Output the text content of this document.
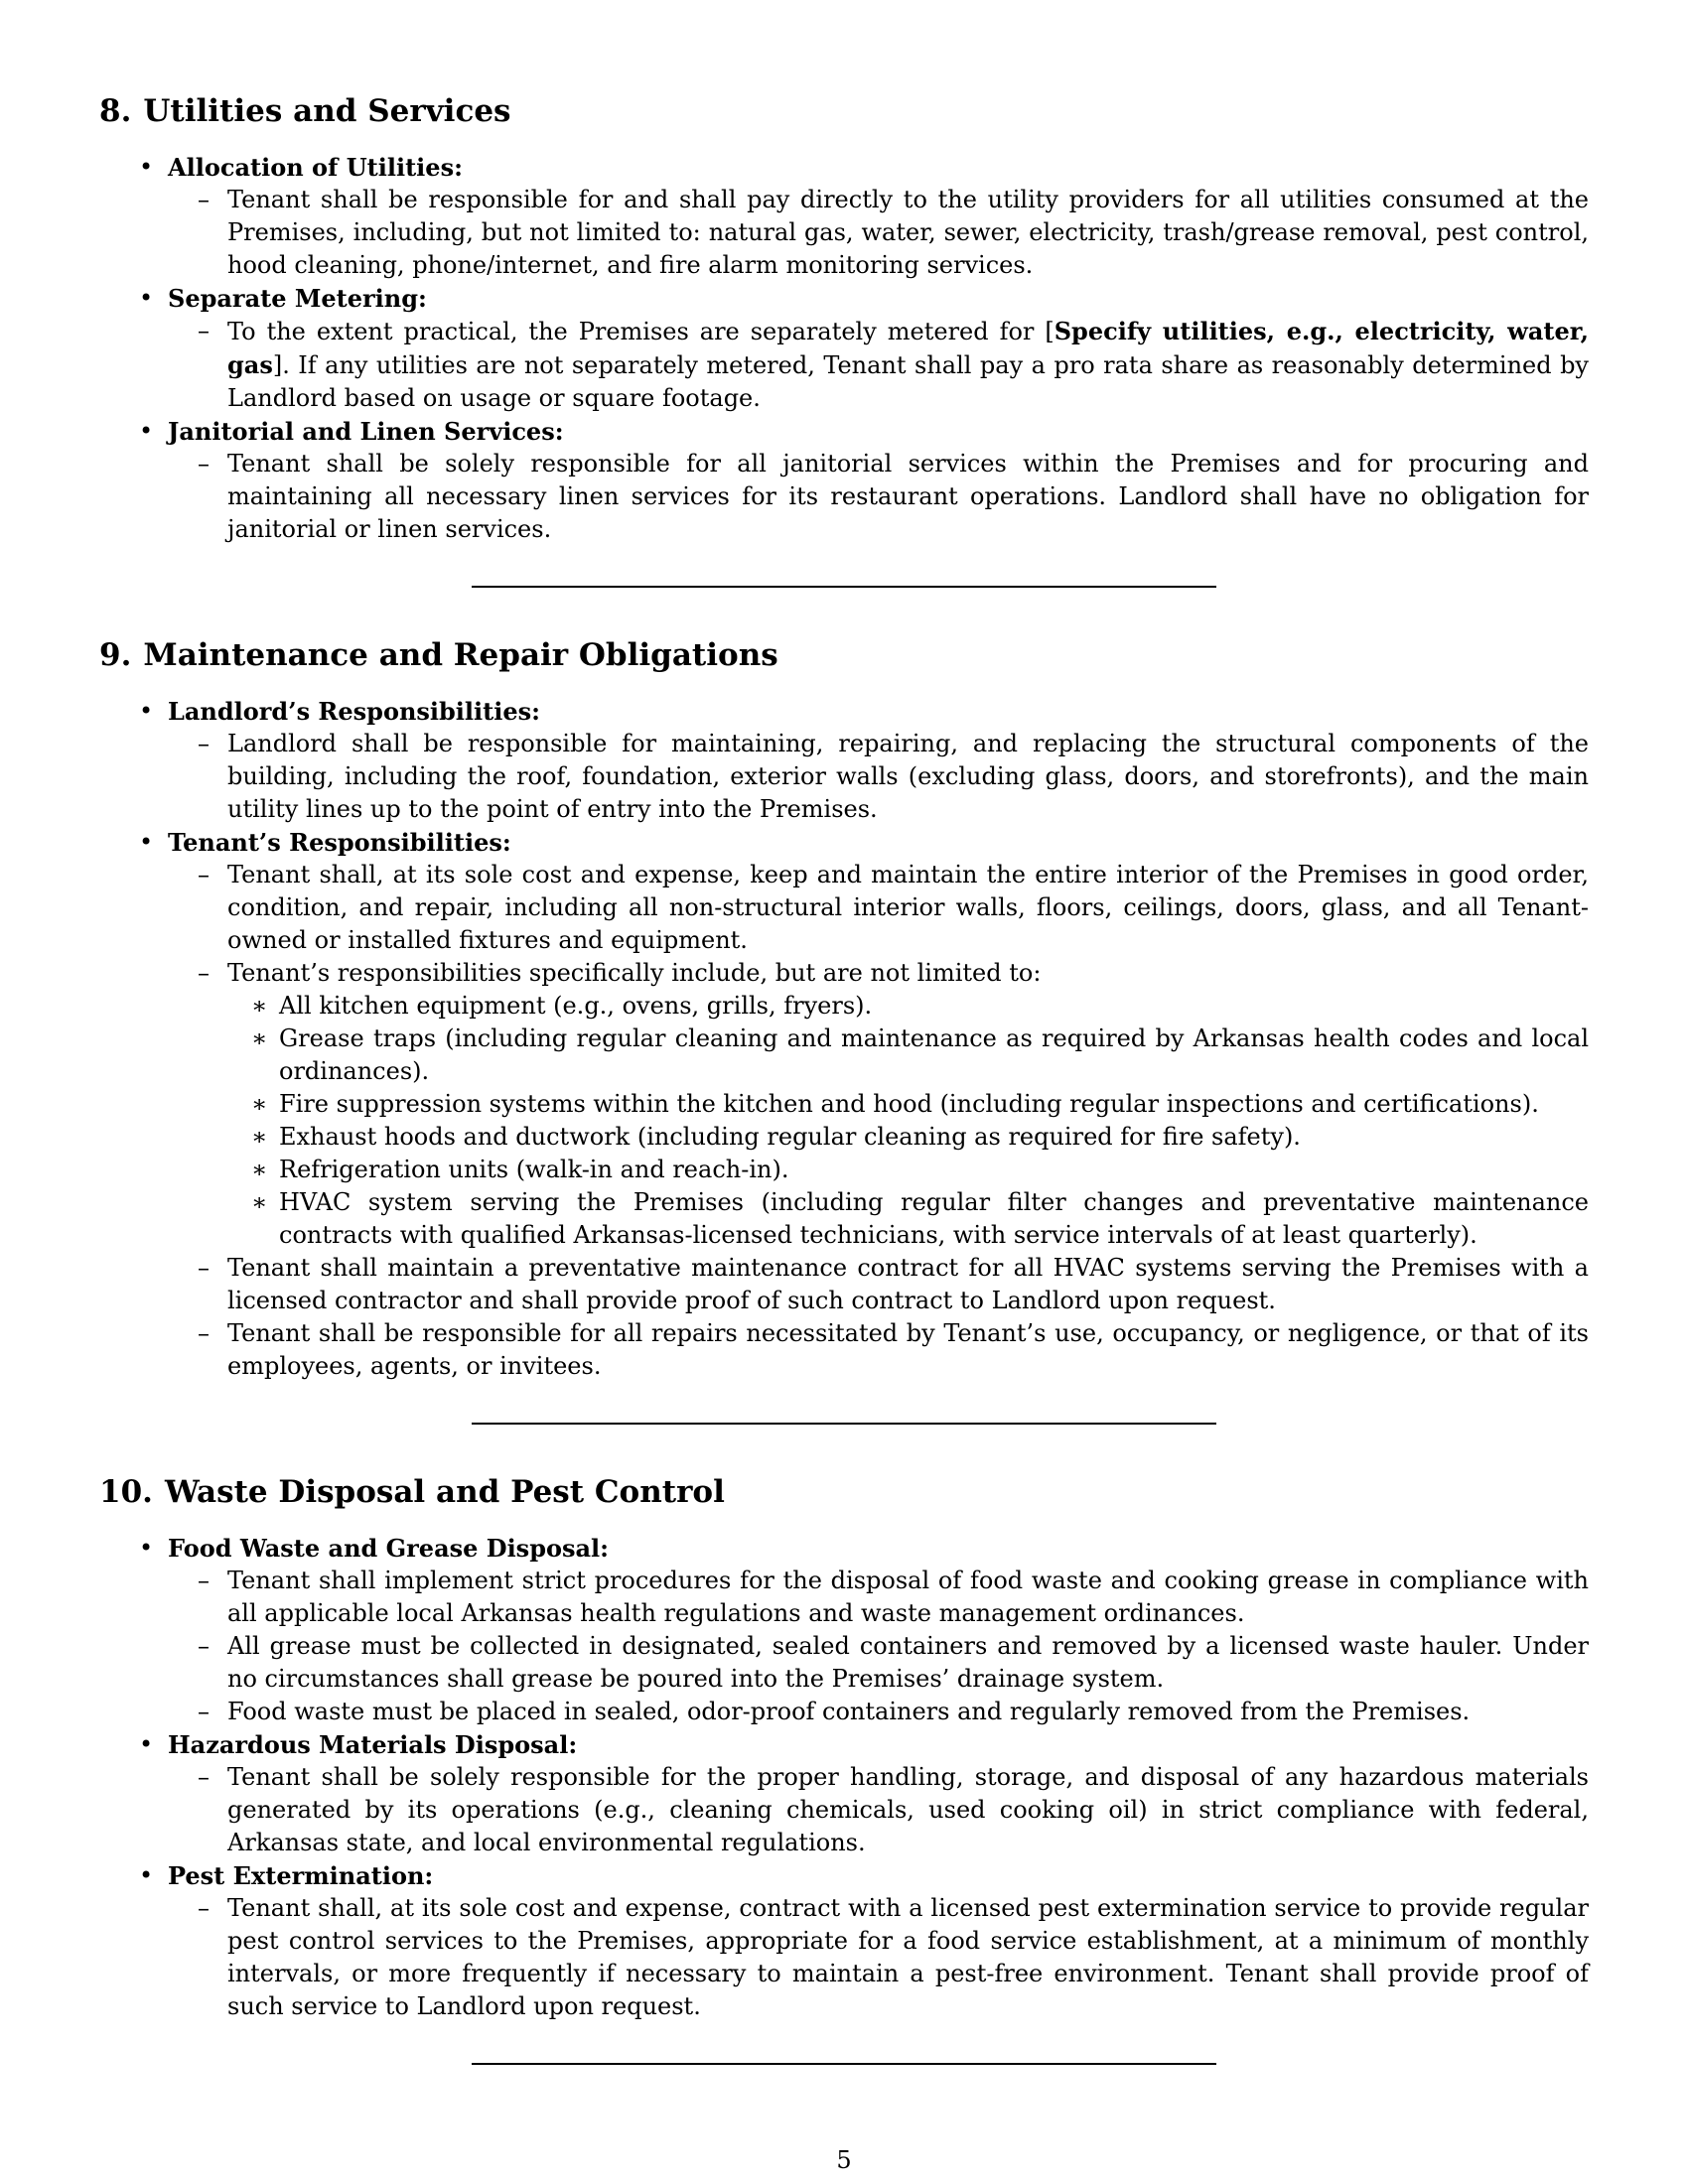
8. Utilities and Services
• Allocation of Utilities:
– Tenant shall be responsible for and shall pay directly to the utility providers for all utilities consumed at the Premises, including, but not limited to: natural gas, water, sewer, electricity, trash/grease removal, pest control, hood cleaning, phone/internet, and fire alarm monitoring services.
• Separate Metering:
– To the extent practical, the Premises are separately metered for [Specify utilities, e.g., electricity, water, gas]. If any utilities are not separately metered, Tenant shall pay a pro rata share as reasonably determined by Landlord based on usage or square footage.
• Janitorial and Linen Services:
– Tenant shall be solely responsible for all janitorial services within the Premises and for procuring and maintaining all necessary linen services for its restaurant operations. Landlord shall have no obligation for janitorial or linen services.
9. Maintenance and Repair Obligations
• Landlord’s Responsibilities:
– Landlord shall be responsible for maintaining, repairing, and replacing the structural components of the building, including the roof, foundation, exterior walls (excluding glass, doors, and storefronts), and the main utility lines up to the point of entry into the Premises.
• Tenant’s Responsibilities:
– Tenant shall, at its sole cost and expense, keep and maintain the entire interior of the Premises in good order, condition, and repair, including all non-structural interior walls, floors, ceilings, doors, glass, and all Tenant-owned or installed fixtures and equipment.
– Tenant’s responsibilities specifically include, but are not limited to:
∗ All kitchen equipment (e.g., ovens, grills, fryers).
∗ Grease traps (including regular cleaning and maintenance as required by Arkansas health codes and local ordinances).
∗ Fire suppression systems within the kitchen and hood (including regular inspections and certifications).
∗ Exhaust hoods and ductwork (including regular cleaning as required for fire safety).
∗ Refrigeration units (walk-in and reach-in).
∗ HVAC system serving the Premises (including regular filter changes and preventative maintenance contracts with qualified Arkansas-licensed technicians, with service intervals of at least quarterly).
– Tenant shall maintain a preventative maintenance contract for all HVAC systems serving the Premises with a licensed contractor and shall provide proof of such contract to Landlord upon request.
– Tenant shall be responsible for all repairs necessitated by Tenant’s use, occupancy, or negligence, or that of its employees, agents, or invitees.
10. Waste Disposal and Pest Control
• Food Waste and Grease Disposal:
– Tenant shall implement strict procedures for the disposal of food waste and cooking grease in compliance with all applicable local Arkansas health regulations and waste management ordinances.
– All grease must be collected in designated, sealed containers and removed by a licensed waste hauler. Under no circumstances shall grease be poured into the Premises’ drainage system.
– Food waste must be placed in sealed, odor-proof containers and regularly removed from the Premises.
• Hazardous Materials Disposal:
– Tenant shall be solely responsible for the proper handling, storage, and disposal of any hazardous materials generated by its operations (e.g., cleaning chemicals, used cooking oil) in strict compliance with federal, Arkansas state, and local environmental regulations.
• Pest Extermination:
– Tenant shall, at its sole cost and expense, contract with a licensed pest extermination service to provide regular pest control services to the Premises, appropriate for a food service establishment, at a minimum of monthly intervals, or more frequently if necessary to maintain a pest-free environment. Tenant shall provide proof of such service to Landlord upon request.
5
